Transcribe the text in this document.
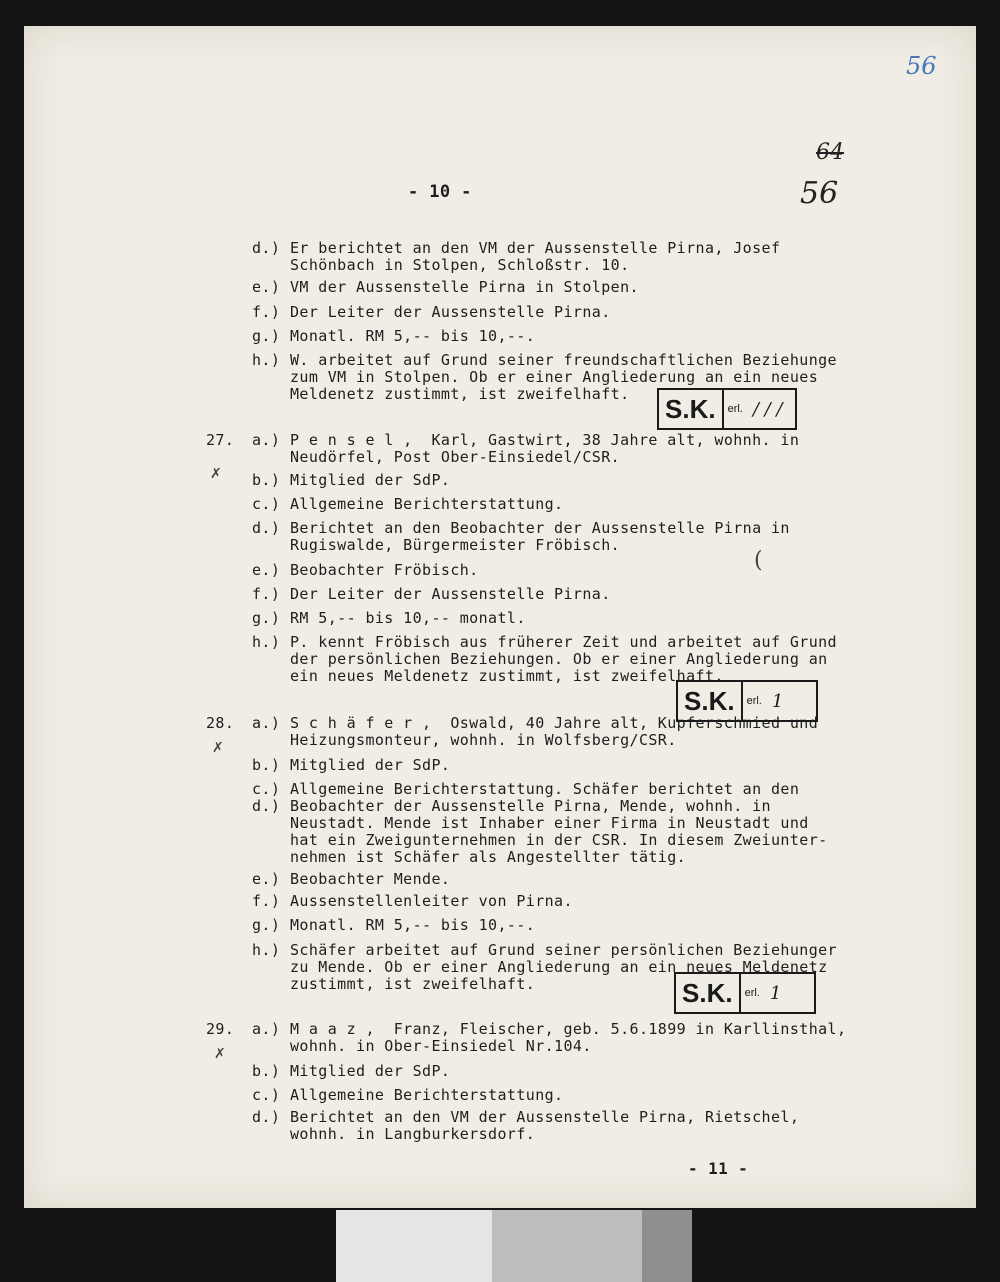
56
64
56
- 10 -
d.) Er berichtet an den VM der Aussenstelle Pirna, Josef
Schönbach in Stolpen, Schloßstr. 10.
e.) VM der Aussenstelle Pirna in Stolpen.
f.) Der Leiter der Aussenstelle Pirna.
g.) Monatl. RM 5,-- bis 10,--.
h.) W. arbeitet auf Grund seiner freundschaftlichen Beziehunge
zum VM in Stolpen. Ob er einer Angliederung an ein neues
Meldenetz zustimmt, ist zweifelhaft.
27. a.) P e n s e l ,  Karl, Gastwirt, 38 Jahre alt, wohnh. in
Neudörfel, Post Ober-Einsiedel/CSR.
b.) Mitglied der SdP.
c.) Allgemeine Berichterstattung.
d.) Berichtet an den Beobachter der Aussenstelle Pirna in
Rugiswalde, Bürgermeister Fröbisch.
e.) Beobachter Fröbisch.
f.) Der Leiter der Aussenstelle Pirna.
g.) RM 5,-- bis 10,-- monatl.
h.) P. kennt Fröbisch aus früherer Zeit und arbeitet auf Grund
der persönlichen Beziehungen. Ob er einer Angliederung an
ein neues Meldenetz zustimmt, ist zweifelhaft.
28. a.) S c h ä f e r ,  Oswald, 40 Jahre alt, Kupferschmied und
Heizungsmonteur, wohnh. in Wolfsberg/CSR.
b.) Mitglied der SdP.
c.)
d.)
Allgemeine Berichterstattung. Schäfer berichtet an den
Beobachter der Aussenstelle Pirna, Mende, wohnh. in
Neustadt. Mende ist Inhaber einer Firma in Neustadt und
hat ein Zweigunternehmen in der CSR. In diesem Zweiunter-
nehmen ist Schäfer als Angestellter tätig.
e.) Beobachter Mende.
f.) Aussenstellenleiter von Pirna.
g.) Monatl. RM 5,-- bis 10,--.
h.) Schäfer arbeitet auf Grund seiner persönlichen Beziehunger
zu Mende. Ob er einer Angliederung an ein neues Meldenetz
zustimmt, ist zweifelhaft.
29. a.) M a a z ,  Franz, Fleischer, geb. 5.6.1899 in Karllinsthal,
wohnh. in Ober-Einsiedel Nr.104.
b.) Mitglied der SdP.
c.) Allgemeine Berichterstattung.
d.) Berichtet an den VM der Aussenstelle Pirna, Rietschel,
wohnh. in Langburkersdorf.
S.K.	erl. / / /
S.K.	erl. 1
S.K.	erl. 1
✗
✗
✗
(
- 11 -
